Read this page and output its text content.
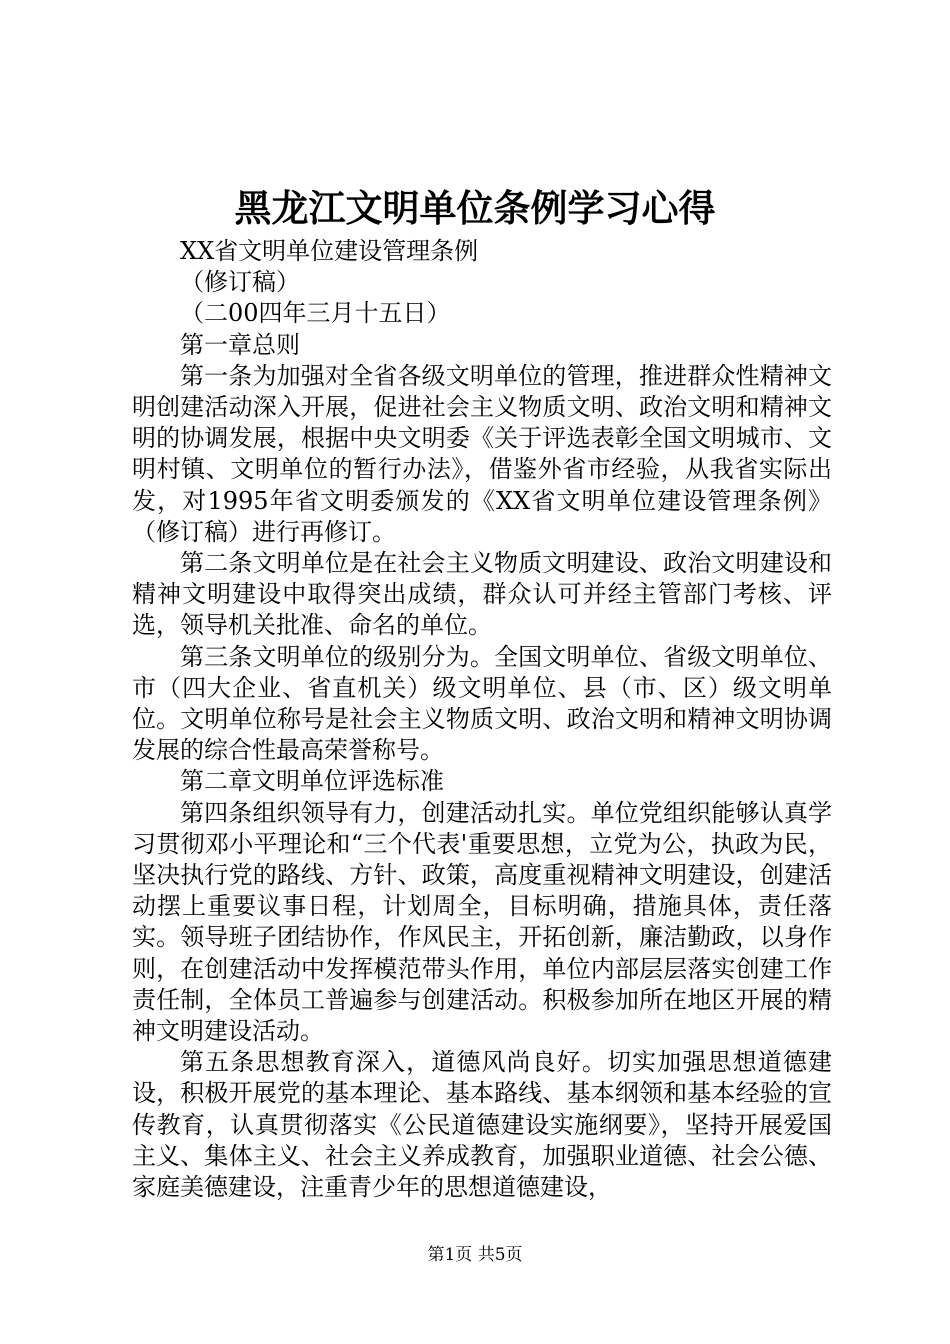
黑龙江文明单位条例学习心得

XX省文明单位建设管理条例

（修订稿）

（二00四年三月十五日）

第一章总则

第一条为加强对全省各级文明单位的管理，推进群众性精神文明创建活动深入开展，促进社会主义物质文明、政治文明和精神文明的协调发展，根据中央文明委《关于评选表彰全国文明城市、文明村镇、文明单位的暂行办法》，借鉴外省市经验，从我省实际出发，对1995年省文明委颁发的《XX省文明单位建设管理条例》（修订稿）进行再修订。

第二条文明单位是在社会主义物质文明建设、政治文明建设和精神文明建设中取得突出成绩，群众认可并经主管部门考核、评选，领导机关批准、命名的单位。

第三条文明单位的级别分为。全国文明单位、省级文明单位、市（四大企业、省直机关）级文明单位、县（市、区）级文明单位。文明单位称号是社会主义物质文明、政治文明和精神文明协调发展的综合性最高荣誉称号。

第二章文明单位评选标准

第四条组织领导有力，创建活动扎实。单位党组织能够认真学习贯彻邓小平理论和“三个代表'重要思想，立党为公，执政为民，坚决执行党的路线、方针、政策，高度重视精神文明建设，创建活动摆上重要议事日程，计划周全，目标明确，措施具体，责任落实。领导班子团结协作，作风民主，开拓创新，廉洁勤政，以身作则，在创建活动中发挥模范带头作用，单位内部层层落实创建工作责任制，全体员工普遍参与创建活动。积极参加所在地区开展的精神文明建设活动。

第五条思想教育深入，道德风尚良好。切实加强思想道德建设，积极开展党的基本理论、基本路线、基本纲领和基本经验的宣传教育，认真贯彻落实《公民道德建设实施纲要》，坚持开展爱国主义、集体主义、社会主义养成教育，加强职业道德、社会公德、家庭美德建设，注重青少年的思想道德建设，

第1页 共5页
